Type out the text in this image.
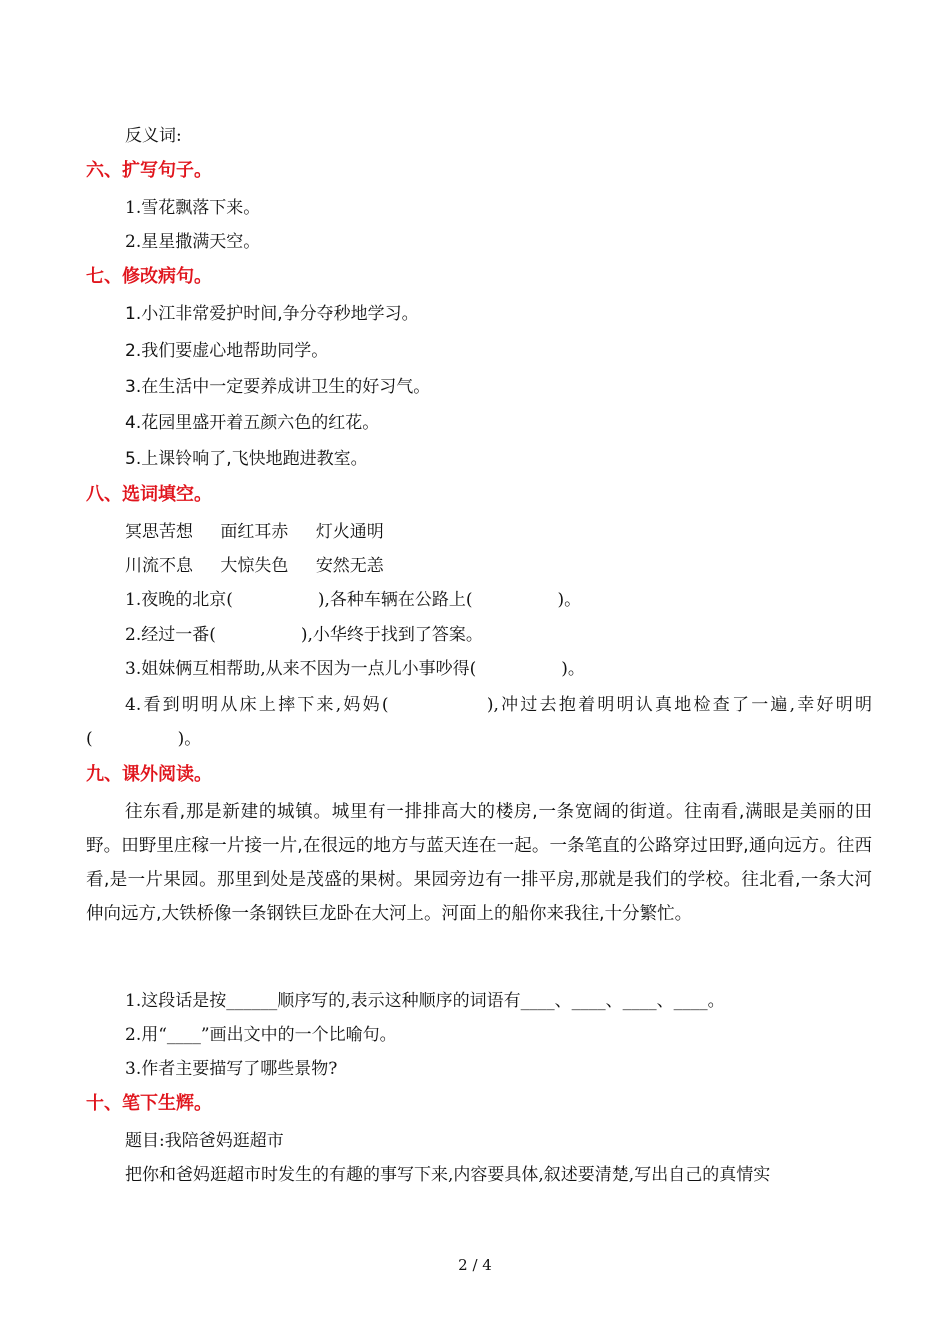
反义词:
六、扩写句子。
1.雪花飘落下来。
2.星星撒满天空。
七、修改病句。
1.小江非常爱护时间,争分夺秒地学习。
2.我们要虚心地帮助同学。
3.在生活中一定要养成讲卫生的好习气。
4.花园里盛开着五颜六色的红花。
5.上课铃响了,飞快地跑进教室。
八、选词填空。
冥思苦想 面红耳赤 灯火通明
川流不息 大惊失色 安然无恙
1.夜晚的北京(　　　　　),各种车辆在公路上(　　　　　)。
2.经过一番(　　　　　),小华终于找到了答案。
3.姐妹俩互相帮助,从来不因为一点儿小事吵得(　　　　　)。
4.看到明明从床上摔下来,妈妈(　　　　　),冲过去抱着明明认真地检查了一遍,幸好明明(　　　　　)。
九、课外阅读。
往东看,那是新建的城镇。城里有一排排高大的楼房,一条宽阔的街道。往南看,满眼是美丽的田野。田野里庄稼一片接一片,在很远的地方与蓝天连在一起。一条笔直的公路穿过田野,通向远方。往西看,是一片果园。那里到处是茂盛的果树。果园旁边有一排平房,那就是我们的学校。往北看,一条大河伸向远方,大铁桥像一条钢铁巨龙卧在大河上。河面上的船你来我往,十分繁忙。
1.这段话是按______顺序写的,表示这种顺序的词语有____、____、____、____。
2.用“____”画出文中的一个比喻句。
3.作者主要描写了哪些景物?
十、笔下生辉。
题目:我陪爸妈逛超市
把你和爸妈逛超市时发生的有趣的事写下来,内容要具体,叙述要清楚,写出自己的真情实
2 / 4
